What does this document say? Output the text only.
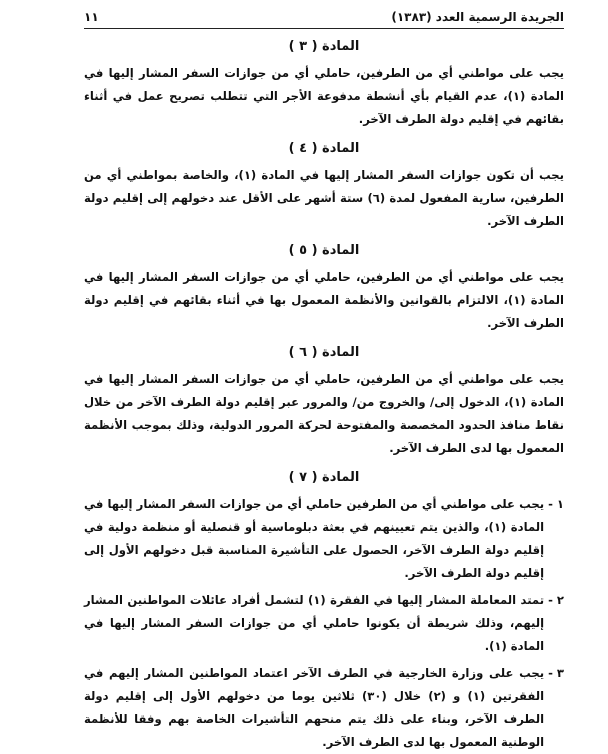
الجريدة الرسمية العدد (١٣٨٣)
١١
المادة ( ٣ )
يجب على مواطني أي من الطرفين، حاملي أي من جوازات السفر المشار إليها في المادة (١)، عدم القيام بأي أنشطة مدفوعة الأجر التي تتطلب تصريح عمل في أثناء بقائهم في إقليم دولة الطرف الآخر.
المادة ( ٤ )
يجب أن تكون جوازات السفر المشار إليها في المادة (١)، والخاصة بمواطني أي من الطرفين، سارية المفعول لمدة (٦) ستة أشهر على الأقل عند دخولهم إلى إقليم دولة الطرف الآخر.
المادة ( ٥ )
يجب على مواطني أي من الطرفين، حاملي أي من جوازات السفر المشار إليها في المادة (١)، الالتزام بالقوانين والأنظمة المعمول بها في أثناء بقائهم في إقليم دولة الطرف الآخر.
المادة ( ٦ )
يجب على مواطني أي من الطرفين، حاملي أي من جوازات السفر المشار إليها في المادة (١)، الدخول إلى/ والخروج من/ والمرور عبر إقليم دولة الطرف الآخر من خلال نقاط منافذ الحدود المخصصة والمفتوحة لحركة المرور الدولية، وذلك بموجب الأنظمة المعمول بها لدى الطرف الآخر.
المادة ( ٧ )
١ -
يجب على مواطني أي من الطرفين حاملي أي من جوازات السفر المشار إليها في المادة (١)، والذين يتم تعيينهم في بعثة دبلوماسية أو قنصلية أو منظمة دولية في إقليم دولة الطرف الآخر، الحصول على التأشيرة المناسبة قبل دخولهم الأول إلى إقليم دولة الطرف الآخر.
٢ -
تمتد المعاملة المشار إليها في الفقرة (١) لتشمل أفراد عائلات المواطنين المشار إليهم، وذلك شريطة أن يكونوا حاملي أي من جوازات السفر المشار إليها في المادة (١).
٣ -
يجب على وزارة الخارجية في الطرف الآخر اعتماد المواطنين المشار إليهم في الفقرتين (١) و (٢) خلال (٣٠) ثلاثين يوما من دخولهم الأول إلى إقليم دولة الطرف الآخر، وبناء على ذلك يتم منحهم التأشيرات الخاصة بهم وفقا للأنظمة الوطنية المعمول بها لدى الطرف الآخر.
